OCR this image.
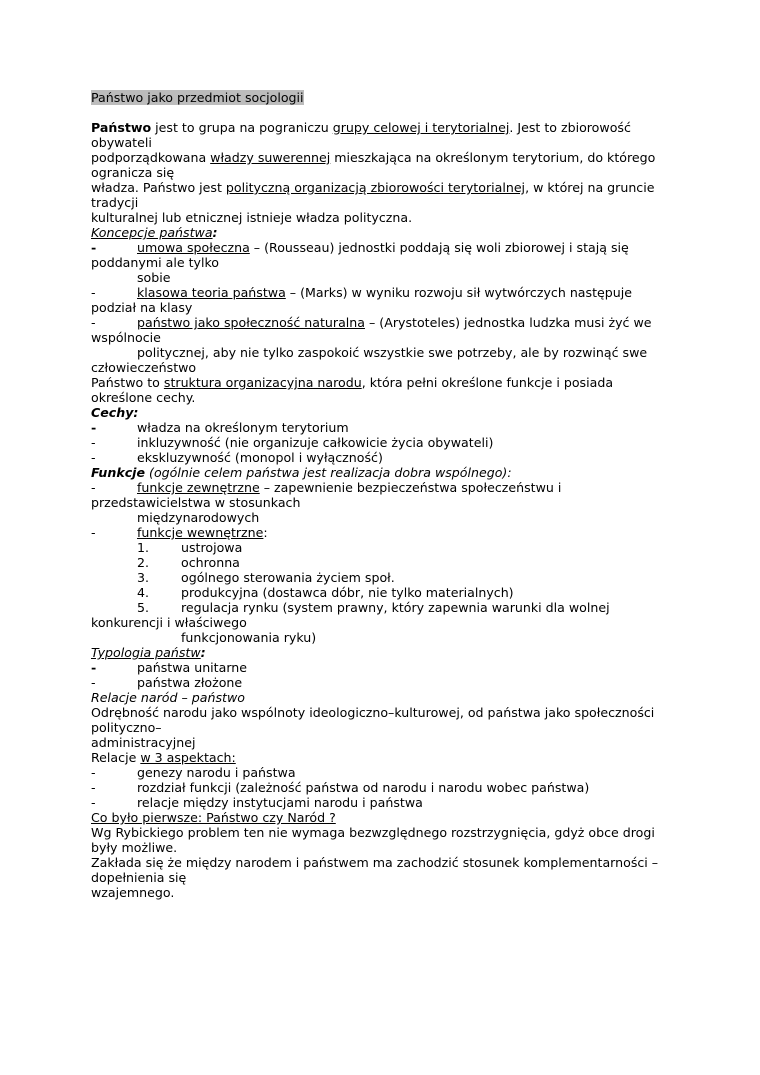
Państwo jako przedmiot socjologii
Państwo jest to grupa na pograniczu grupy celowej i terytorialnej. Jest to zbiorowość
obywateli
podporządkowana władzy suwerennej mieszkająca na określonym terytorium, do którego
ogranicza się
władza. Państwo jest polityczną organizacją zbiorowości terytorialnej, w której na gruncie
tradycji
kulturalnej lub etnicznej istnieje władza polityczna.
Koncepcje państwa:
-	umowa społeczna – (Rousseau) jednostki poddają się woli zbiorowej i stają się
poddanymi ale tylko
sobie
-	klasowa teoria państwa – (Marks) w wyniku rozwoju sił wytwórczych następuje
podział na klasy
-	państwo jako społeczność naturalna – (Arystoteles) jednostka ludzka musi żyć we
wspólnocie
politycznej, aby nie tylko zaspokoić wszystkie swe potrzeby, ale by rozwinąć swe
człowieczeństwo
Państwo to struktura organizacyjna narodu, która pełni określone funkcje i posiada
określone cechy.
Cechy:
-	władza na określonym terytorium
-	inkluzywność (nie organizuje całkowicie życia obywateli)
-	ekskluzywność (monopol i wyłączność)
Funkcje (ogólnie celem państwa jest realizacja dobra wspólnego):
-	funkcje zewnętrzne – zapewnienie bezpieczeństwa społeczeństwu i
przedstawicielstwa w stosunkach
międzynarodowych
-	funkcje wewnętrzne:
1.	ustrojowa
2.	ochronna
3.	ogólnego sterowania życiem społ.
4.	produkcyjna (dostawca dóbr, nie tylko materialnych)
5.	regulacja rynku (system prawny, który zapewnia warunki dla wolnej
konkurencji i właściwego
funkcjonowania ryku)
Typologia państw:
-	państwa unitarne
-	państwa złożone
Relacje naród – państwo
Odrębność narodu jako wspólnoty ideologiczno–kulturowej, od państwa jako społeczności
polityczno–
administracyjnej
Relacje w 3 aspektach:
-	genezy narodu i państwa
-	rozdział funkcji (zależność państwa od narodu i narodu wobec państwa)
-	relacje między instytucjami narodu i państwa
Co było pierwsze: Państwo czy Naród ?
Wg Rybickiego problem ten nie wymaga bezwzględnego rozstrzygnięcia, gdyż obce drogi
były możliwe.
Zakłada się że między narodem i państwem ma zachodzić stosunek komplementarności –
dopełnienia się
wzajemnego.
